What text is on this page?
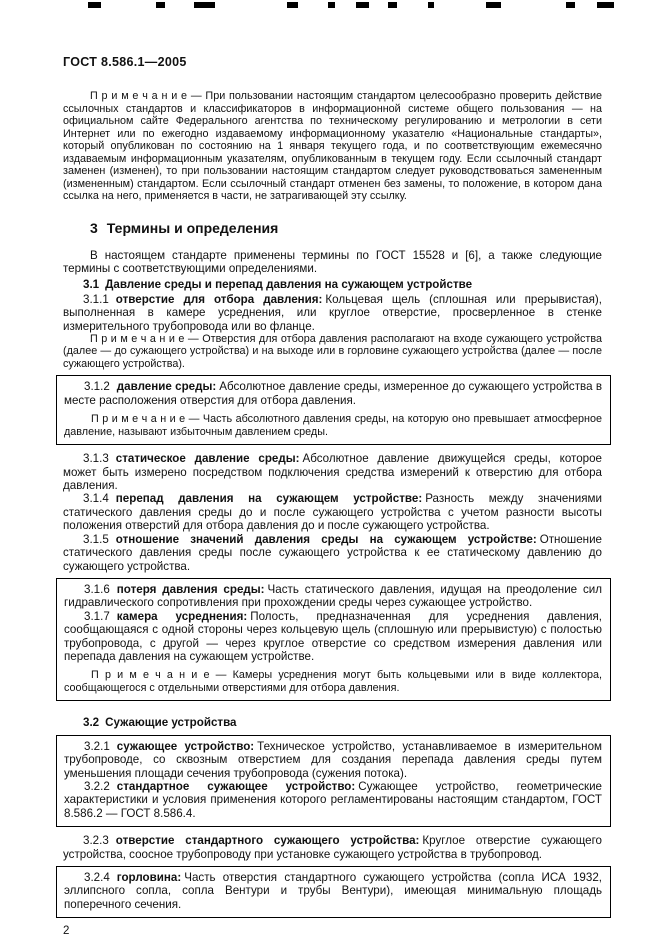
ГОСТ 8.586.1—2005

П р и м е ч а н и е — При пользовании настоящим стандартом целесообразно проверить действие ссылочных стандартов и классификаторов в информационной системе общего пользования — на официальном сайте Федерального агентства по техническому регулированию и метрологии в сети Интернет или по ежегодно издаваемому информационному указателю «Национальные стандарты», который опубликован по состоянию на 1 января текущего года, и по соответствующим ежемесячно издаваемым информационным указателям, опубликованным в текущем году. Если ссылочный стандарт заменен (изменен), то при пользовании настоящим стандартом следует руководствоваться замененным (измененным) стандартом. Если ссылочный стандарт отменен без замены, то положение, в котором дана ссылка на него, применяется в части, не затрагивающей эту ссылку.

3 Термины и определения

В настоящем стандарте применены термины по ГОСТ 15528 и [6], а также следующие термины с соответствующими определениями.

3.1 Давление среды и перепад давления на сужающем устройстве

3.1.1 отверстие для отбора давления: Кольцевая щель (сплошная или прерывистая), выполненная в камере усреднения, или круглое отверстие, просверленное в стенке измерительного трубопровода или во фланце.

П р и м е ч а н и е — Отверстия для отбора давления располагают на входе сужающего устройства (далее — до сужающего устройства) и на выходе или в горловине сужающего устройства (далее — после сужающего устройства).

3.1.2 давление среды: Абсолютное давление среды, измеренное до сужающего устройства в месте расположения отверстия для отбора давления.

П р и м е ч а н и е — Часть абсолютного давления среды, на которую оно превышает атмосферное давление, называют избыточным давлением среды.

3.1.3 статическое давление среды: Абсолютное давление движущейся среды, которое может быть измерено посредством подключения средства измерений к отверстию для отбора давления.

3.1.4 перепад давления на сужающем устройстве: Разность между значениями статического давления среды до и после сужающего устройства с учетом разности высоты положения отверстий для отбора давления до и после сужающего устройства.

3.1.5 отношение значений давления среды на сужающем устройстве: Отношение статического давления среды после сужающего устройства к ее статическому давлению до сужающего устройства.

3.1.6 потеря давления среды: Часть статического давления, идущая на преодоление сил гидравлического сопротивления при прохождении среды через сужающее устройство.

3.1.7 камера усреднения: Полость, предназначенная для усреднения давления, сообщающаяся с одной стороны через кольцевую щель (сплошную или прерывистую) с полостью трубопровода, с другой — через круглое отверстие со средством измерения давления или перепада давления на сужающем устройстве.

П р и м е ч а н и е — Камеры усреднения могут быть кольцевыми или в виде коллектора, сообщающегося с отдельными отверстиями для отбора давления.

3.2 Сужающие устройства

3.2.1 сужающее устройство: Техническое устройство, устанавливаемое в измерительном трубопроводе, со сквозным отверстием для создания перепада давления среды путем уменьшения площади сечения трубопровода (сужения потока).

3.2.2 стандартное сужающее устройство: Сужающее устройство, геометрические характеристики и условия применения которого регламентированы настоящим стандартом, ГОСТ 8.586.2 — ГОСТ 8.586.4.

3.2.3 отверстие стандартного сужающего устройства: Круглое отверстие сужающего устройства, соосное трубопроводу при установке сужающего устройства в трубопровод.

3.2.4 горловина: Часть отверстия стандартного сужающего устройства (сопла ИСА 1932, эллипсного сопла, сопла Вентури и трубы Вентури), имеющая минимальную площадь поперечного сечения.

2
